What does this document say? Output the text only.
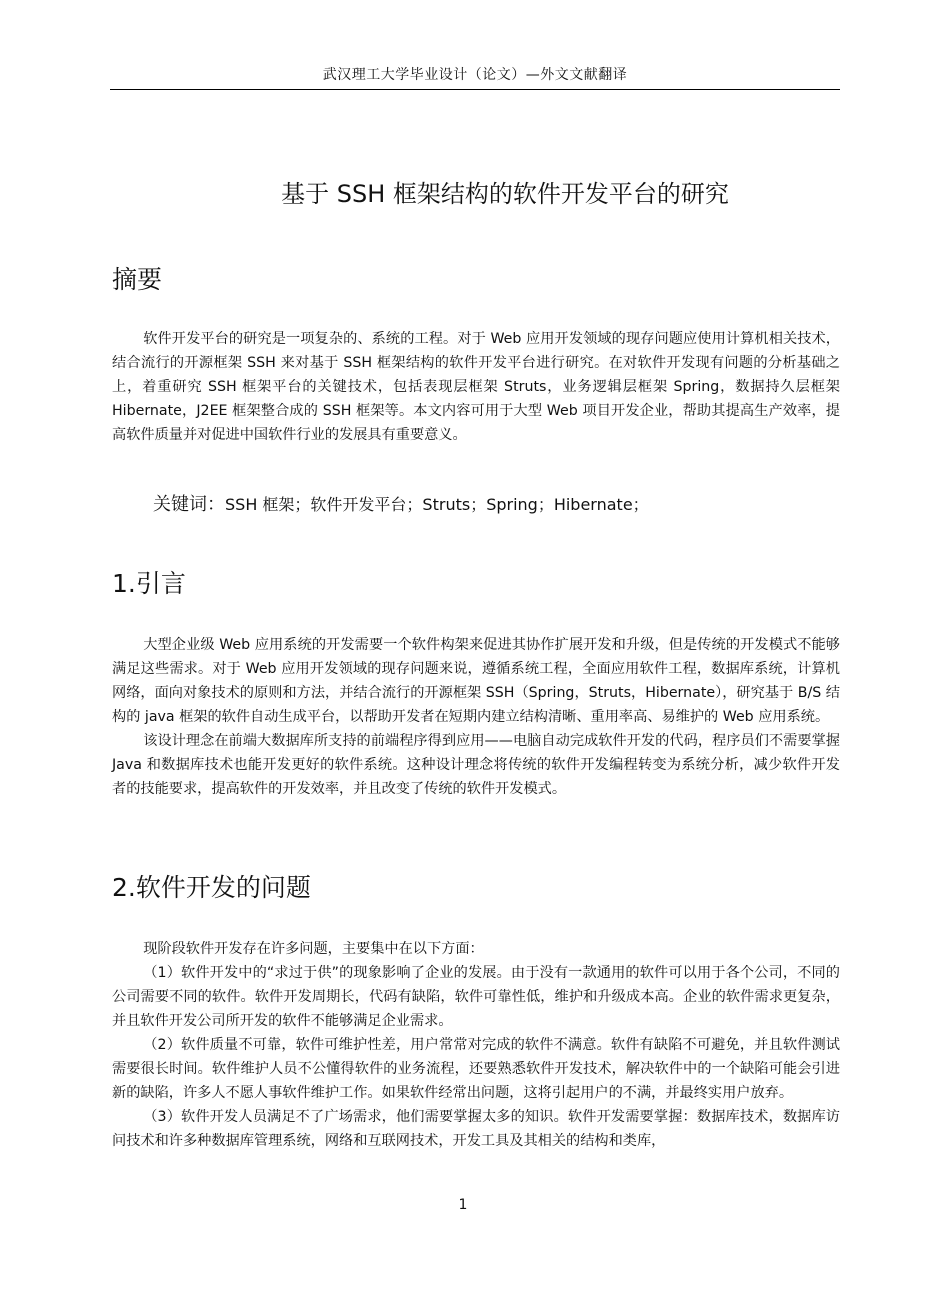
武汉理工大学毕业设计（论文）—外文文献翻译
基于 SSH 框架结构的软件开发平台的研究
摘要

软件开发平台的研究是一项复杂的、系统的工程。对于 Web 应用开发领域的现存问题应使用计算机相关技术，结合流行的开源框架 SSH 来对基于 SSH 框架结构的软件开发平台进行研究。在对软件开发现有问题的分析基础之上，着重研究 SSH 框架平台的关键技术，包括表现层框架 Struts，业务逻辑层框架 Spring，数据持久层框架 Hibernate，J2EE 框架整合成的 SSH 框架等。本文内容可用于大型 Web 项目开发企业，帮助其提高生产效率，提高软件质量并对促进中国软件行业的发展具有重要意义。

关键词：SSH 框架；软件开发平台；Struts；Spring；Hibernate；
1.引言

大型企业级 Web 应用系统的开发需要一个软件构架来促进其协作扩展开发和升级，但是传统的开发模式不能够满足这些需求。对于 Web 应用开发领域的现存问题来说，遵循系统工程，全面应用软件工程，数据库系统，计算机网络，面向对象技术的原则和方法，并结合流行的开源框架 SSH（Spring，Struts，Hibernate），研究基于 B/S 结构的 java 框架的软件自动生成平台，以帮助开发者在短期内建立结构清晰、重用率高、易维护的 Web 应用系统。

该设计理念在前端大数据库所支持的前端程序得到应用——电脑自动完成软件开发的代码，程序员们不需要掌握 Java 和数据库技术也能开发更好的软件系统。这种设计理念将传统的软件开发编程转变为系统分析，减少软件开发者的技能要求，提高软件的开发效率，并且改变了传统的软件开发模式。

2.软件开发的问题

现阶段软件开发存在许多问题，主要集中在以下方面：

（1）软件开发中的“求过于供”的现象影响了企业的发展。由于没有一款通用的软件可以用于各个公司，不同的公司需要不同的软件。软件开发周期长，代码有缺陷，软件可靠性低，维护和升级成本高。企业的软件需求更复杂，并且软件开发公司所开发的软件不能够满足企业需求。

（2）软件质量不可靠，软件可维护性差，用户常常对完成的软件不满意。软件有缺陷不可避免，并且软件测试需要很长时间。软件维护人员不公懂得软件的业务流程，还要熟悉软件开发技术，解决软件中的一个缺陷可能会引进新的缺陷，许多人不愿人事软件维护工作。如果软件经常出问题，这将引起用户的不满，并最终实用户放弃。

（3）软件开发人员满足不了广场需求，他们需要掌握太多的知识。软件开发需要掌握：数据库技术，数据库访问技术和许多种数据库管理系统，网络和互联网技术，开发工具及其相关的结构和类库，

1
